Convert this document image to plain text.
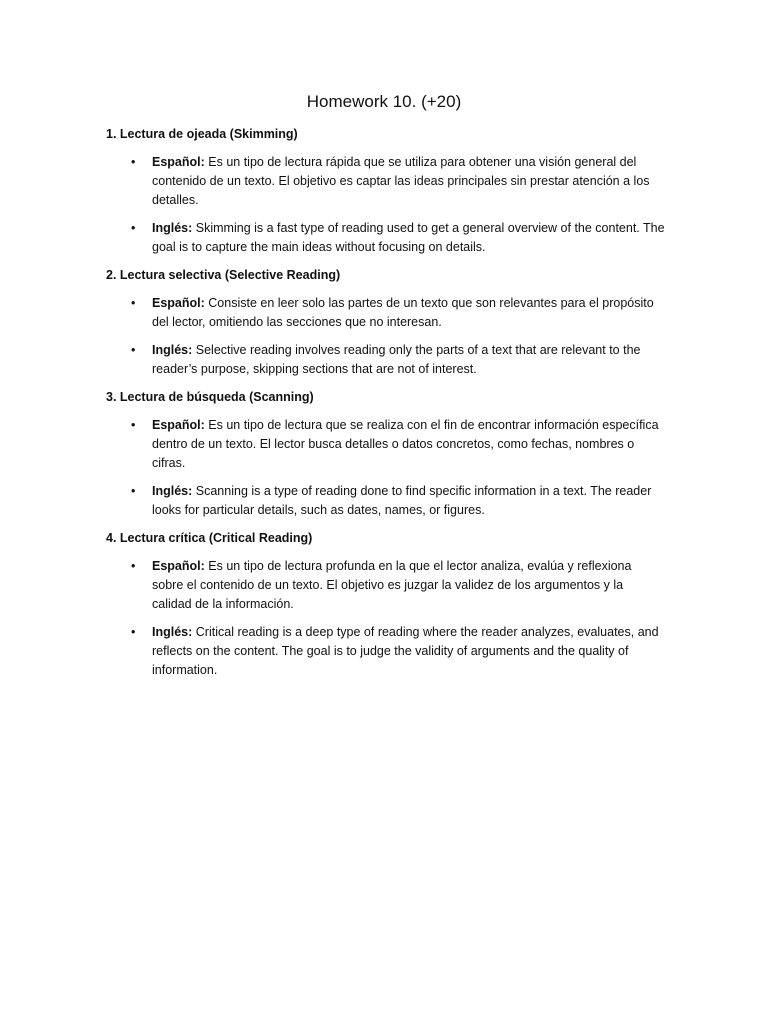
Homework 10. (+20)

1. Lectura de ojeada (Skimming)

• Español: Es un tipo de lectura rápida que se utiliza para obtener una visión general del contenido de un texto. El objetivo es captar las ideas principales sin prestar atención a los detalles.
• Inglés: Skimming is a fast type of reading used to get a general overview of the content. The goal is to capture the main ideas without focusing on details.

2. Lectura selectiva (Selective Reading)

• Español: Consiste en leer solo las partes de un texto que son relevantes para el propósito del lector, omitiendo las secciones que no interesan.
• Inglés: Selective reading involves reading only the parts of a text that are relevant to the reader’s purpose, skipping sections that are not of interest.

3. Lectura de búsqueda (Scanning)

• Español: Es un tipo de lectura que se realiza con el fin de encontrar información específica dentro de un texto. El lector busca detalles o datos concretos, como fechas, nombres o cifras.
• Inglés: Scanning is a type of reading done to find specific information in a text. The reader looks for particular details, such as dates, names, or figures.

4. Lectura crítica (Critical Reading)

• Español: Es un tipo de lectura profunda en la que el lector analiza, evalúa y reflexiona sobre el contenido de un texto. El objetivo es juzgar la validez de los argumentos y la calidad de la información.
• Inglés: Critical reading is a deep type of reading where the reader analyzes, evaluates, and reflects on the content. The goal is to judge the validity of arguments and the quality of information.
